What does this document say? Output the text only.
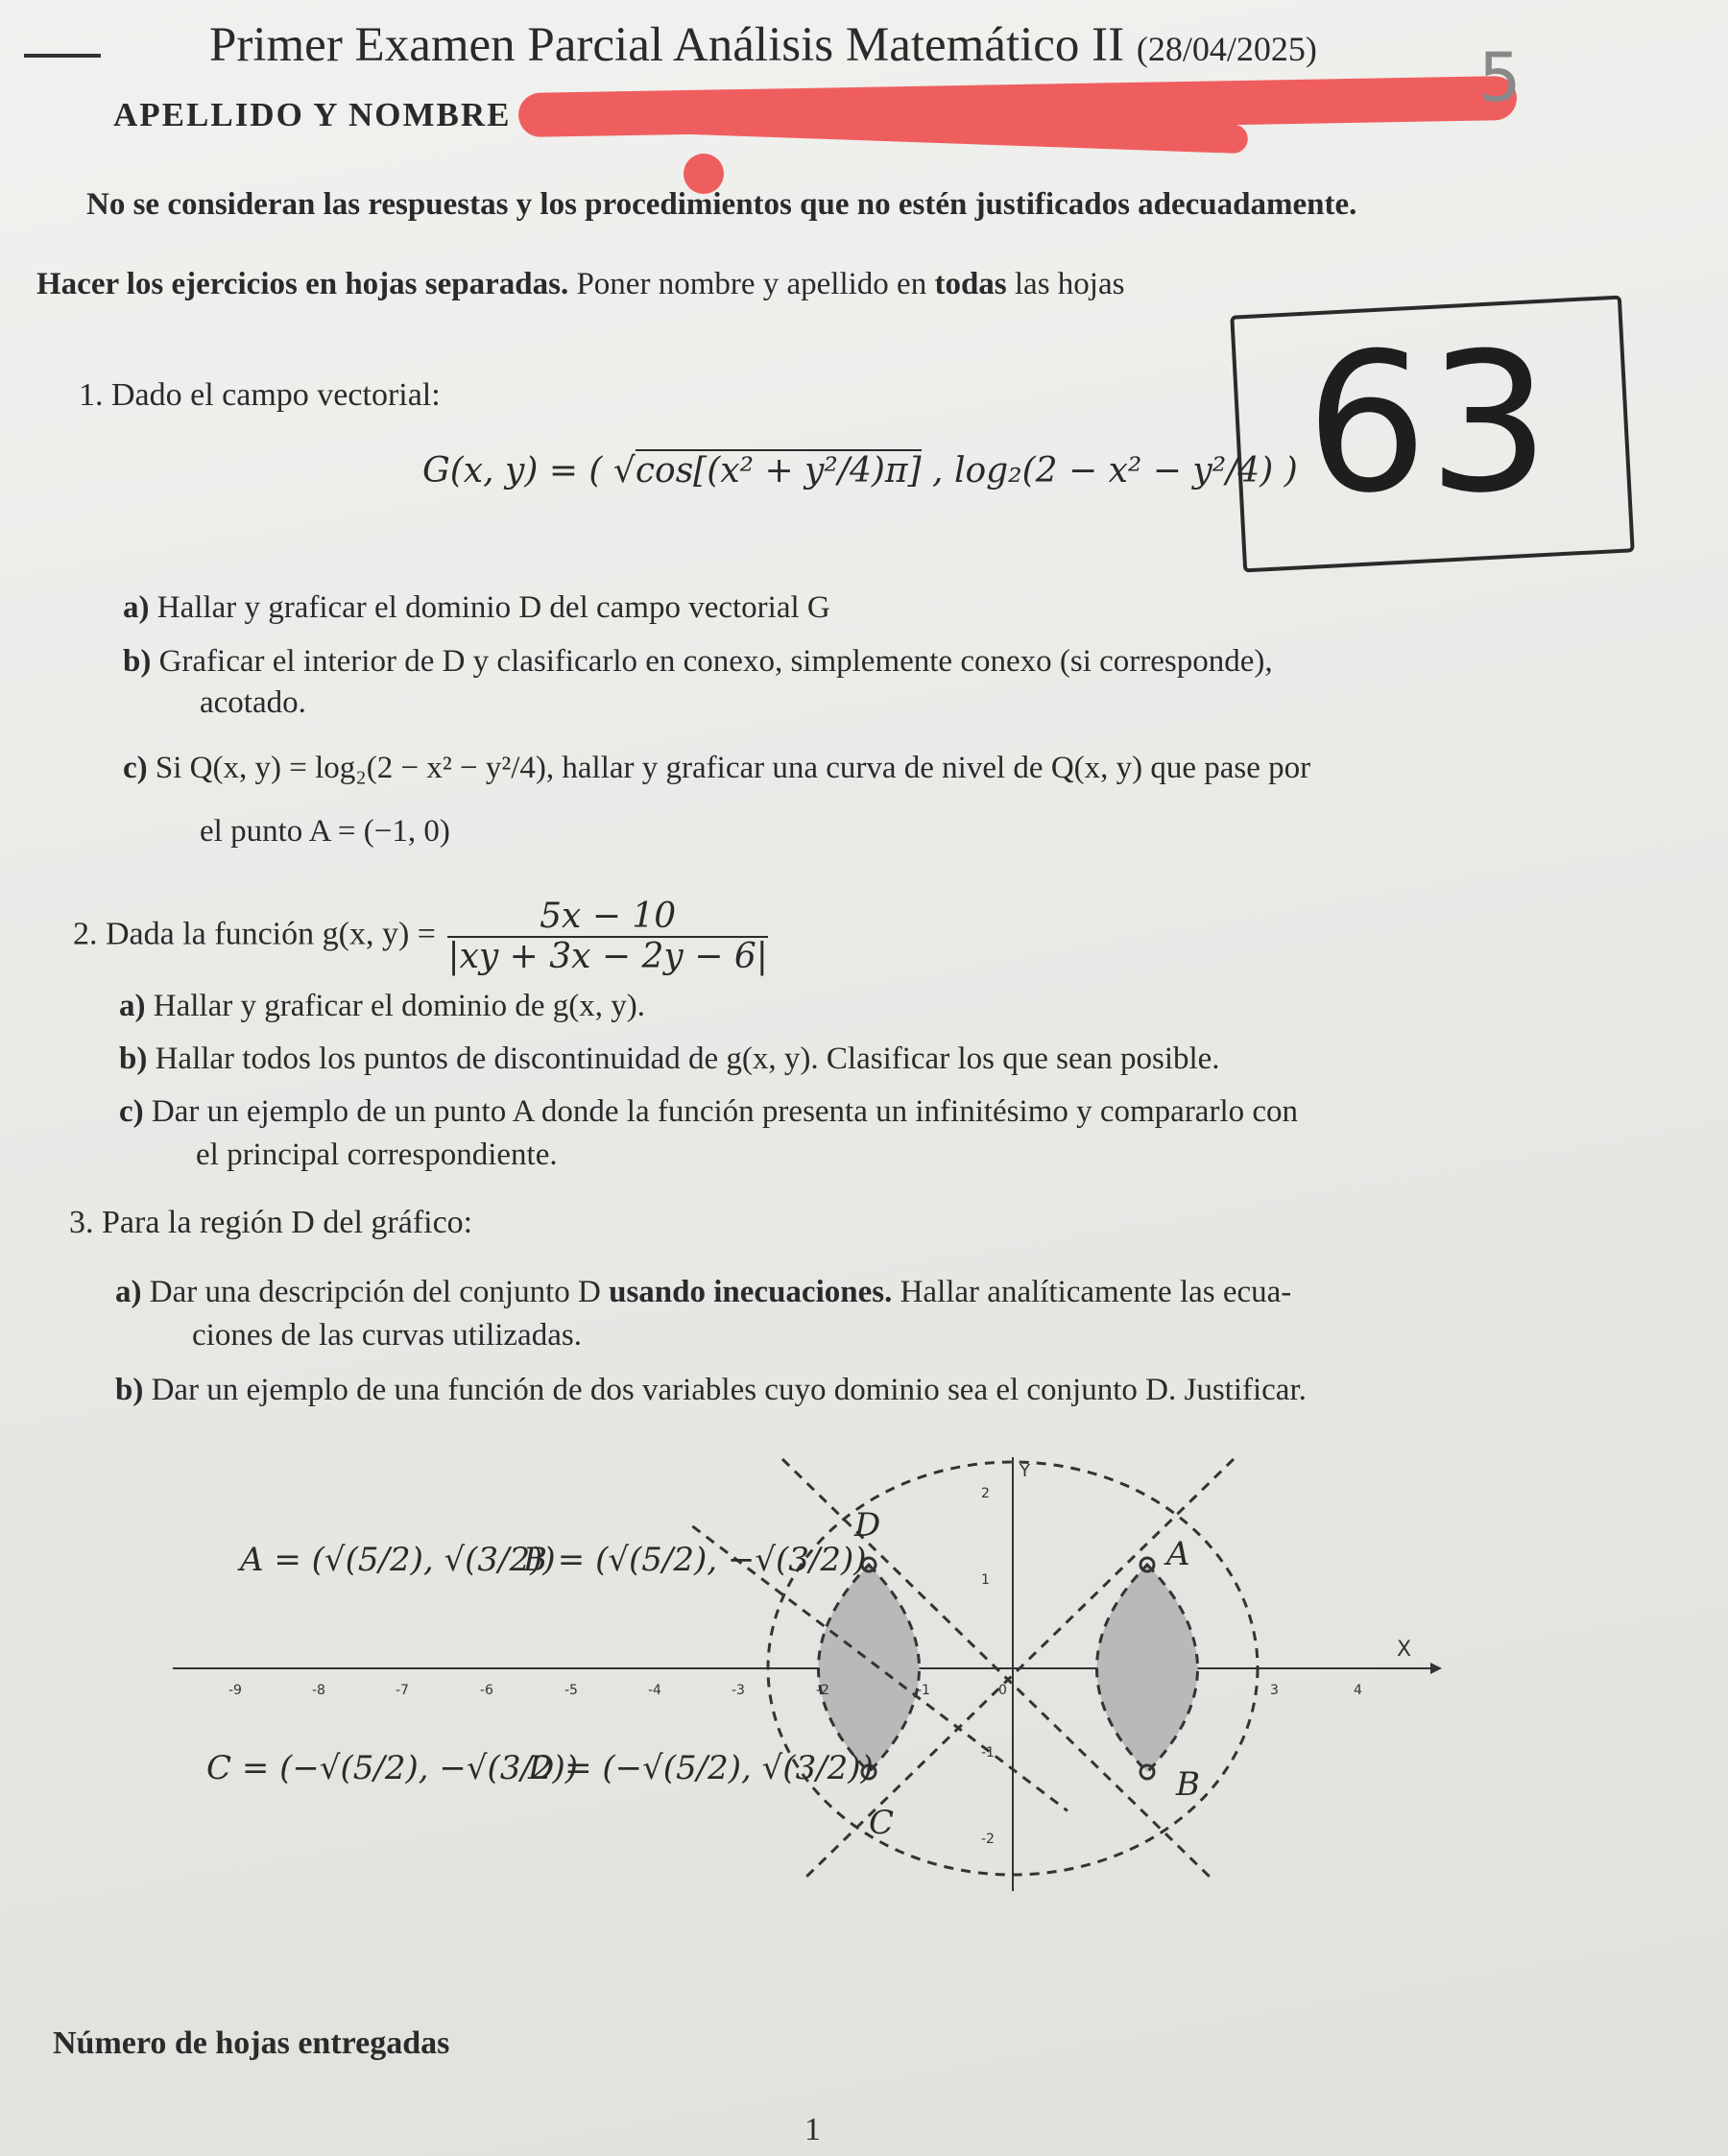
Primer Examen Parcial Análisis Matemático II (28/04/2025)
APELLIDO Y NOMBRE	5
No se consideran las respuestas y los procedimientos que no estén justificados adecuadamente.
Hacer los ejercicios en hojas separadas. Poner nombre y apellido en todas las hojas
63
1. Dado el campo vectorial:
G(x, y) = ( √cos[(x² + y²/4)π] , log₂(2 − x² − y²/4) )
a) Hallar y graficar el dominio D del campo vectorial G
b) Graficar el interior de D y clasificarlo en conexo, simplemente conexo (si corresponde),
acotado.
c) Si Q(x, y) = log₂(2 − x² − y²/4), hallar y graficar una curva de nivel de Q(x, y) que pase por
el punto A = (−1, 0)
2. Dada la función g(x, $y) = \frac{5x - 10}{|xy + 3x - 2y - 6|}$
a) Hallar y graficar el dominio de g(x, y).
b) Hallar todos los puntos de discontinuidad de g(x, y). Clasificar los que sean posible.
c) Dar un ejemplo de un punto A donde la función presenta un infinitésimo y compararlo con
el principal correspondiente.
3. Para la región D del gráfico:
a) Dar una descripción del conjunto D usando inecuaciones. Hallar analíticamente las ecua-
ciones de las curvas utilizadas.
b) Dar un ejemplo de una función de dos variables cuyo dominio sea el conjunto D. Justificar.
-9	-8	-7	-6	-5	-4	-3	-2	-1	0	3	4
2
1
-1
-2
X
Y
D
A
B
C
A = (√(5/2), √(3/2))
B = (√(5/2), −√(3/2))
C = (−√(5/2), −√(3/2))
D = (−√(5/2), √(3/2))
Número de hojas entregadas
1
